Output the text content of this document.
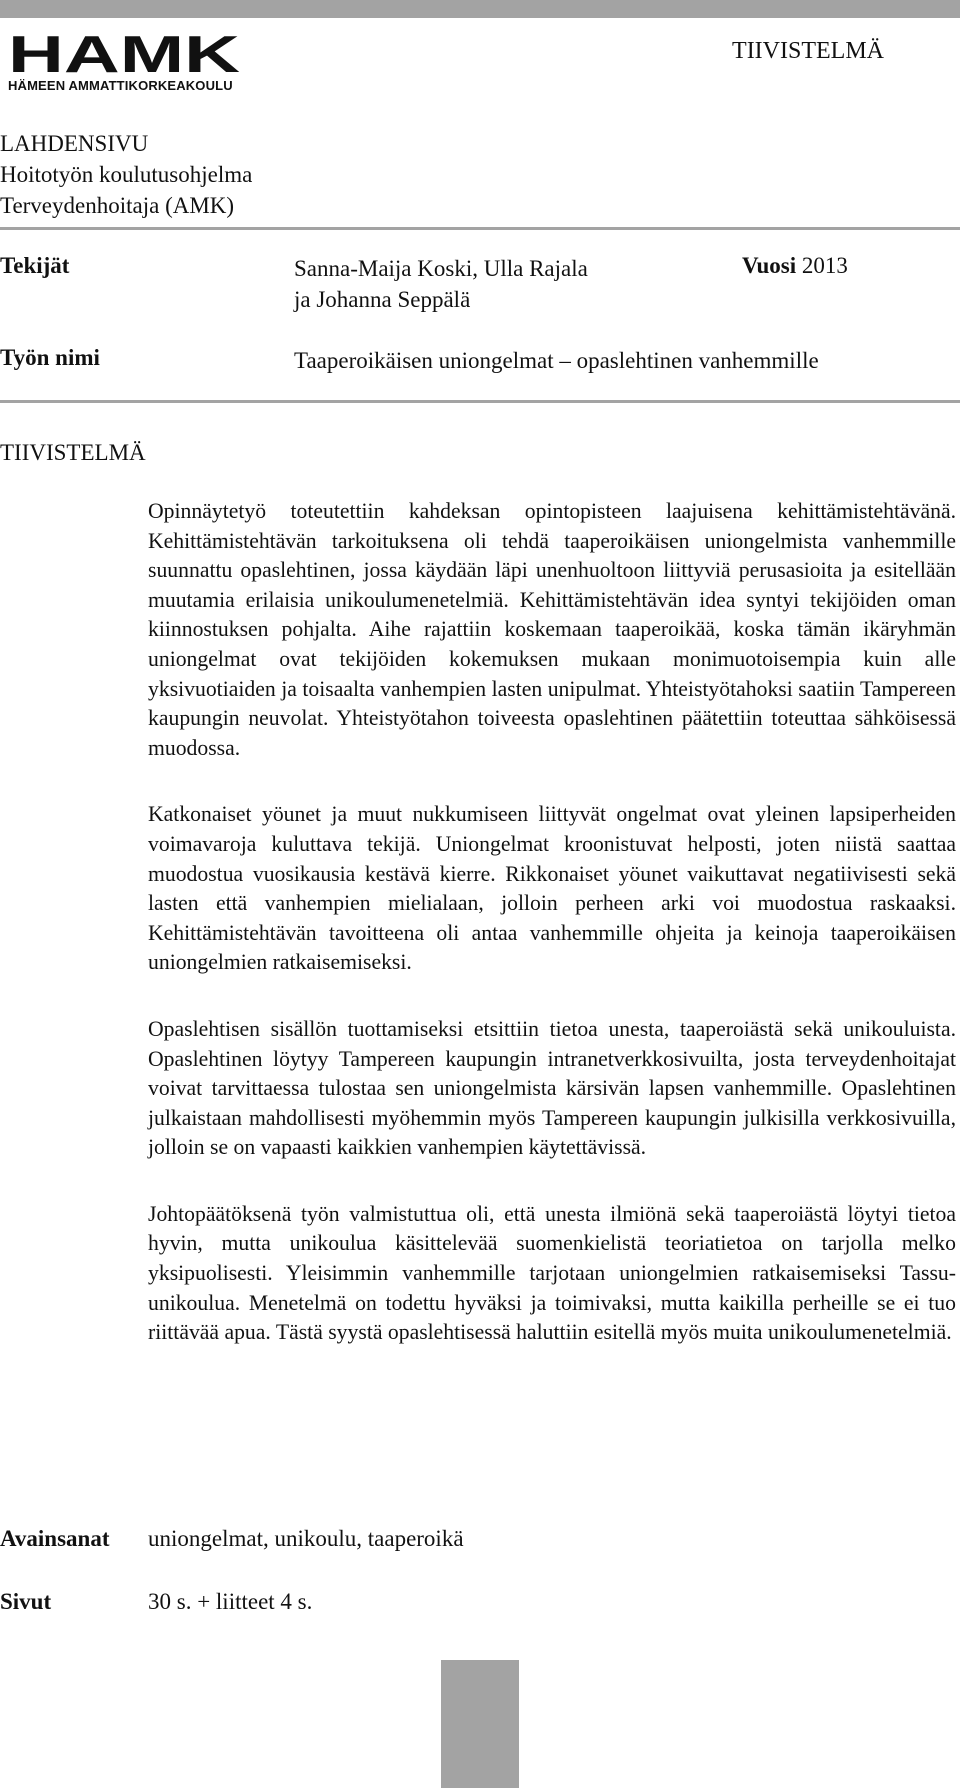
HAMK
HÄMEEN AMMATTIKORKEAKOULU
TIIVISTELMÄ
LAHDENSIVU
Hoitotyön koulutusohjelma
Terveydenhoitaja (AMK)
Tekijät	Sanna-Maija Koski, Ulla Rajala
ja Johanna Seppälä
Vuosi 2013
Työn nimi	Taaperoikäisen uniongelmat – opaslehtinen vanhemmille
TIIVISTELMÄ

Opinnäytetyö toteutettiin kahdeksan opintopisteen laajuisena kehittämistehtävänä. Kehittämistehtävän tarkoituksena oli tehdä taaperoikäisen uniongelmista vanhemmille suunnattu opaslehtinen, jossa käydään läpi unenhuoltoon liittyviä perusasioita ja esitellään muutamia erilaisia unikoulumenetelmiä. Kehittämistehtävän idea syntyi tekijöiden oman kiinnostuksen pohjalta. Aihe rajattiin koskemaan taaperoikää, koska tämän ikäryhmän uniongelmat ovat tekijöiden kokemuksen mukaan monimuotoisempia kuin alle yksivuotiaiden ja toisaalta vanhempien lasten unipulmat. Yhteistyötahoksi saatiin Tampereen kaupungin neuvolat. Yhteistyötahon toiveesta opaslehtinen päätettiin toteuttaa sähköisessä muodossa.

Katkonaiset yöunet ja muut nukkumiseen liittyvät ongelmat ovat yleinen lapsiperheiden voimavaroja kuluttava tekijä. Uniongelmat kroonistuvat helposti, joten niistä saattaa muodostua vuosikausia kestävä kierre. Rikkonaiset yöunet vaikuttavat negatiivisesti sekä lasten että vanhempien mielialaan, jolloin perheen arki voi muodostua raskaaksi. Kehittämistehtävän tavoitteena oli antaa vanhemmille ohjeita ja keinoja taaperoikäisen uniongelmien ratkaisemiseksi.

Opaslehtisen sisällön tuottamiseksi etsittiin tietoa unesta, taaperoiästä sekä unikouluista. Opaslehtinen löytyy Tampereen kaupungin intranetverkkosivuilta, josta terveydenhoitajat voivat tarvittaessa tulostaa sen uniongelmista kärsivän lapsen vanhemmille. Opaslehtinen julkaistaan mahdollisesti myöhemmin myös Tampereen kaupungin julkisilla verkkosivuilla, jolloin se on vapaasti kaikkien vanhempien käytettävissä.

Johtopäätöksenä työn valmistuttua oli, että unesta ilmiönä sekä taaperoiästä löytyi tietoa hyvin, mutta unikoulua käsittelevää suomenkielistä teoriatietoa on tarjolla melko yksipuolisesti. Yleisimmin vanhemmille tarjotaan uniongelmien ratkaisemiseksi Tassu-unikoulua. Menetelmä on todettu hyväksi ja toimivaksi, mutta kaikilla perheille se ei tuo riittävää apua. Tästä syystä opaslehtisessä haluttiin esitellä myös muita unikoulumenetelmiä.

Avainsanat uniongelmat, unikoulu, taaperoikä
Sivut	30 s. + liitteet 4 s.
